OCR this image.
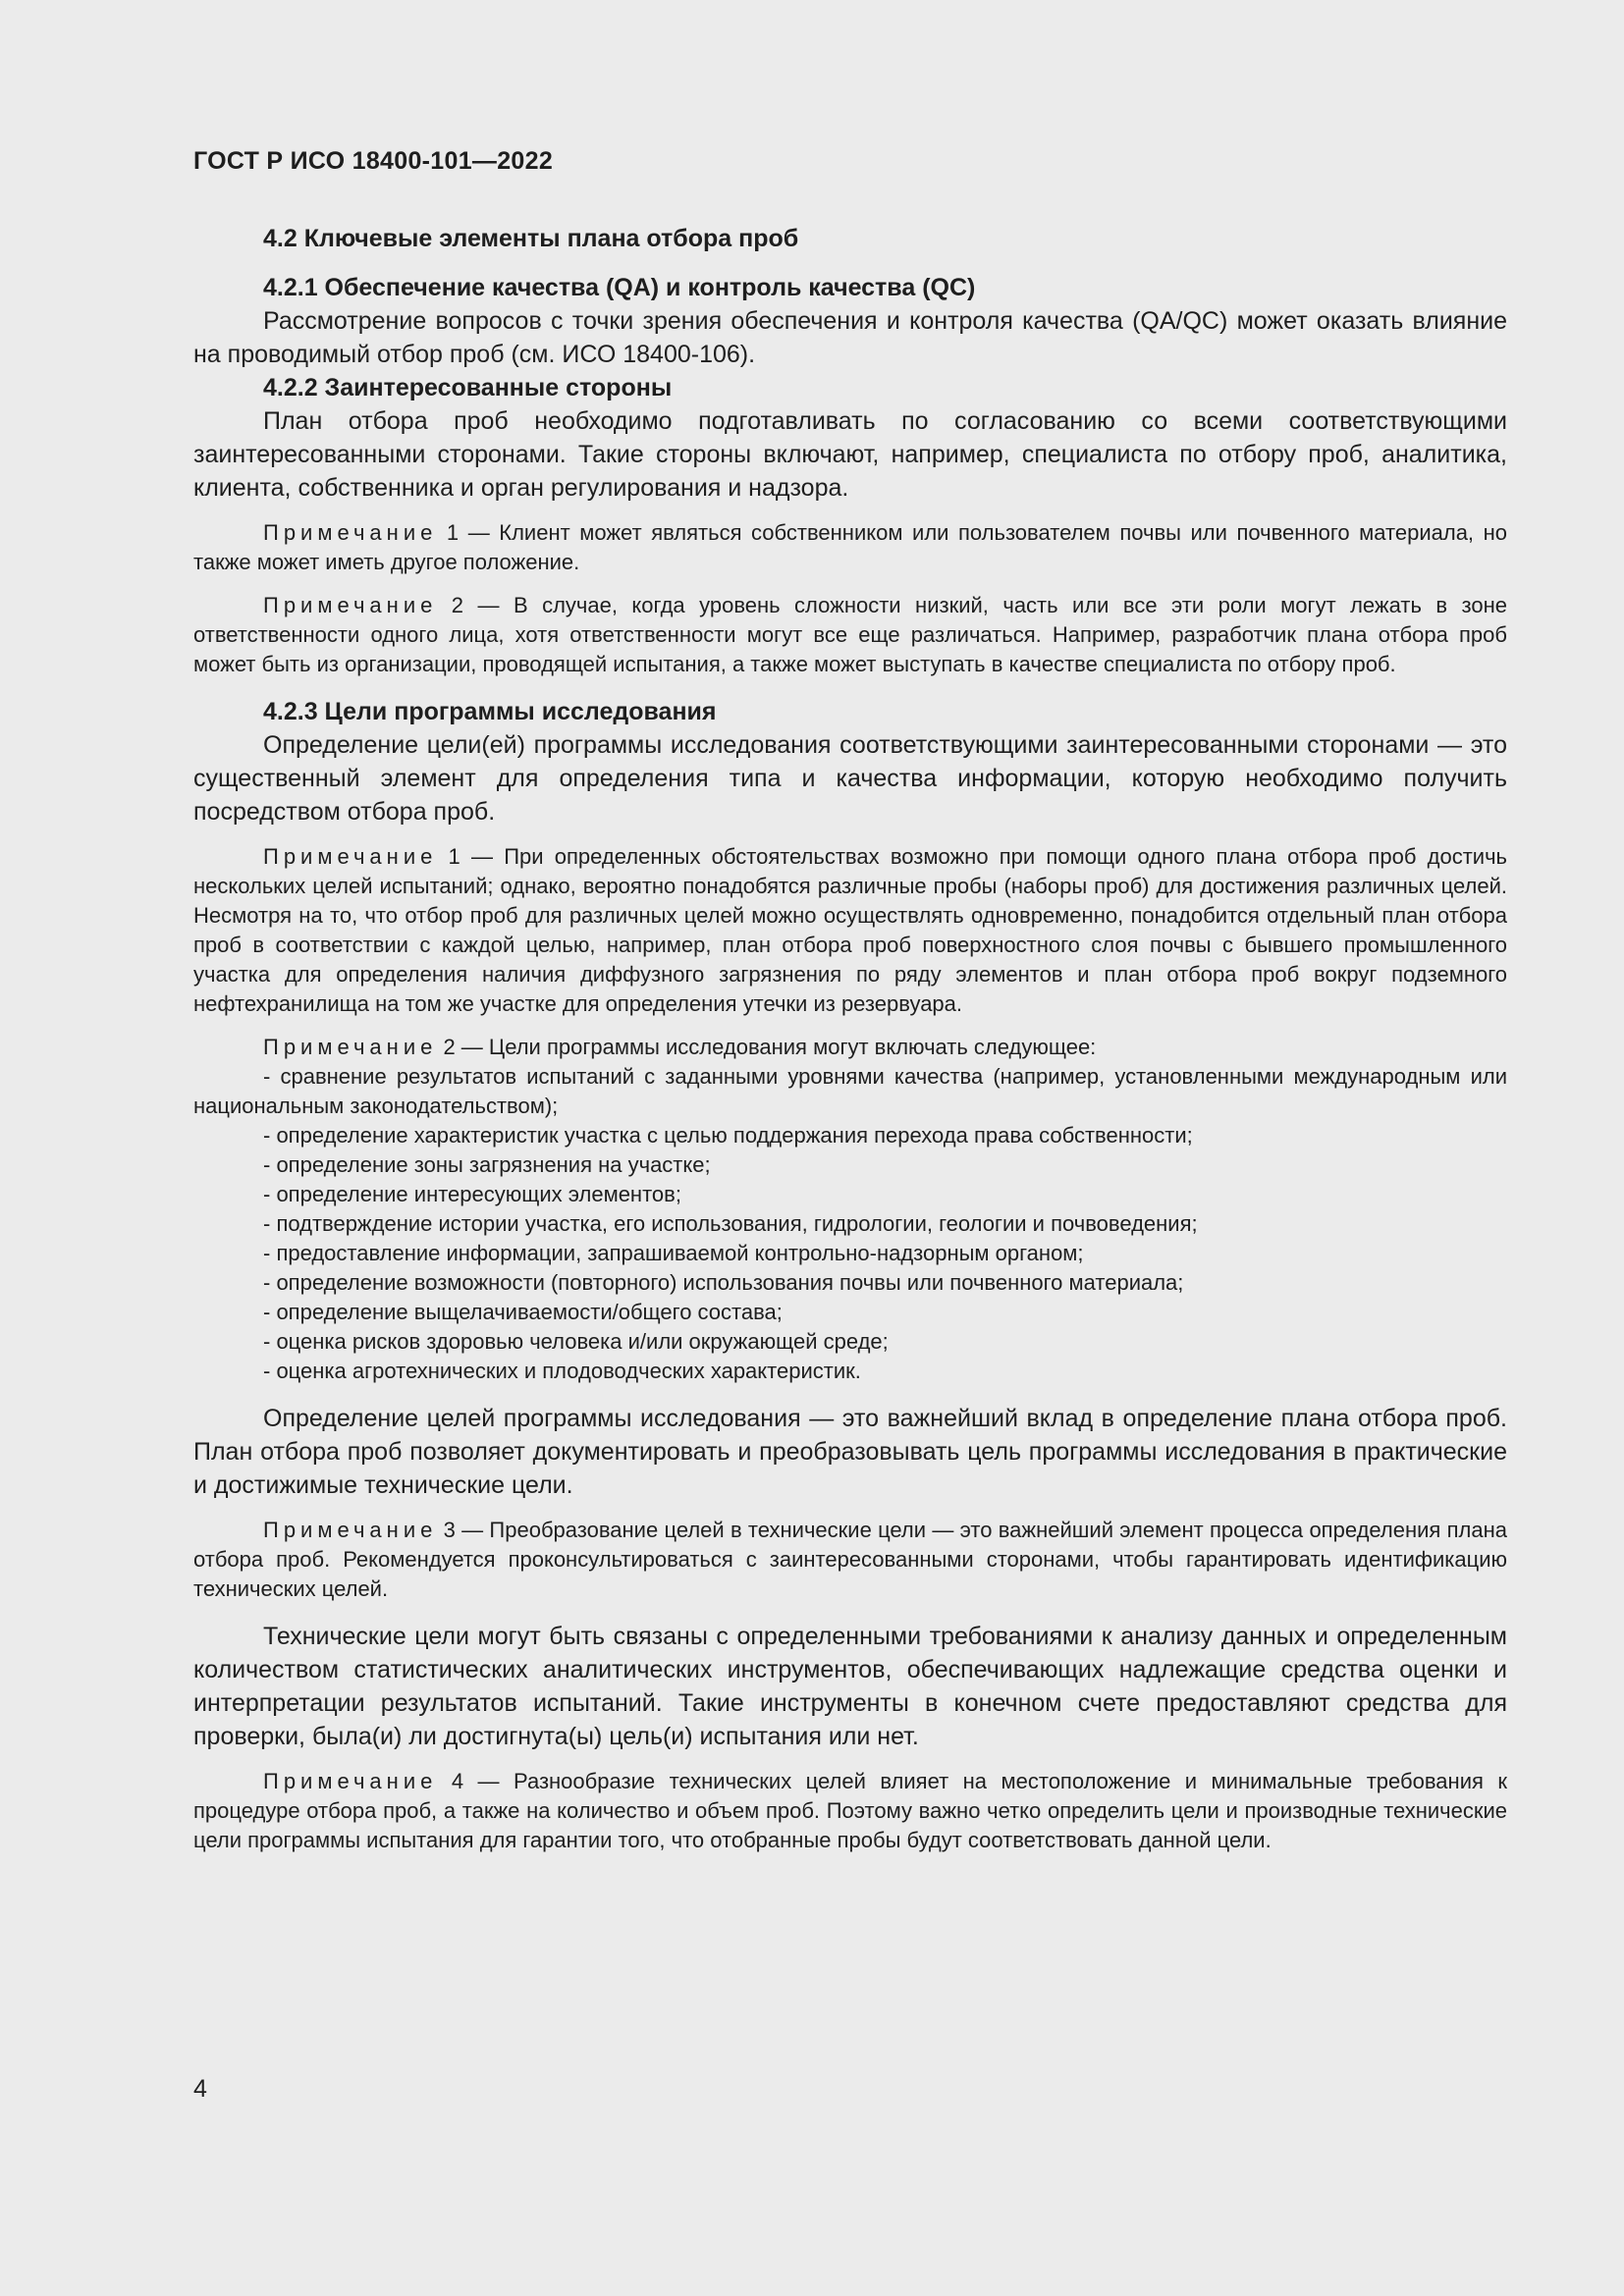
ГОСТ Р ИСО 18400-101—2022

4.2 Ключевые элементы плана отбора проб

4.2.1 Обеспечение качества (QA) и контроль качества (QC)

Рассмотрение вопросов с точки зрения обеспечения и контроля качества (QA/QC) может оказать влияние на проводимый отбор проб (см. ИСО 18400-106).

4.2.2 Заинтересованные стороны

План отбора проб необходимо подготавливать по согласованию со всеми соответствующими заинтересованными сторонами. Такие стороны включают, например, специалиста по отбору проб, аналитика, клиента, собственника и орган регулирования и надзора.

Примечание 1 — Клиент может являться собственником или пользователем почвы или почвенного материала, но также может иметь другое положение.

Примечание 2 — В случае, когда уровень сложности низкий, часть или все эти роли могут лежать в зоне ответственности одного лица, хотя ответственности могут все еще различаться. Например, разработчик плана отбора проб может быть из организации, проводящей испытания, а также может выступать в качестве специалиста по отбору проб.

4.2.3 Цели программы исследования

Определение цели(ей) программы исследования соответствующими заинтересованными сторонами — это существенный элемент для определения типа и качества информации, которую необходимо получить посредством отбора проб.

Примечание 1 — При определенных обстоятельствах возможно при помощи одного плана отбора проб достичь нескольких целей испытаний; однако, вероятно понадобятся различные пробы (наборы проб) для достижения различных целей. Несмотря на то, что отбор проб для различных целей можно осуществлять одновременно, понадобится отдельный план отбора проб в соответствии с каждой целью, например, план отбора проб поверхностного слоя почвы с бывшего промышленного участка для определения наличия диффузного загрязнения по ряду элементов и план отбора проб вокруг подземного нефтехранилища на том же участке для определения утечки из резервуара.

Примечание 2 — Цели программы исследования могут включать следующее:

- сравнение результатов испытаний с заданными уровнями качества (например, установленными международным или национальным законодательством);

- определение характеристик участка с целью поддержания перехода права собственности;

- определение зоны загрязнения на участке;

- определение интересующих элементов;

- подтверждение истории участка, его использования, гидрологии, геологии и почвоведения;

- предоставление информации, запрашиваемой контрольно-надзорным органом;

- определение возможности (повторного) использования почвы или почвенного материала;

- определение выщелачиваемости/общего состава;

- оценка рисков здоровью человека и/или окружающей среде;

- оценка агротехнических и плодоводческих характеристик.

Определение целей программы исследования — это важнейший вклад в определение плана отбора проб. План отбора проб позволяет документировать и преобразовывать цель программы исследования в практические и достижимые технические цели.

Примечание 3 — Преобразование целей в технические цели — это важнейший элемент процесса определения плана отбора проб. Рекомендуется проконсультироваться с заинтересованными сторонами, чтобы гарантировать идентификацию технических целей.

Технические цели могут быть связаны с определенными требованиями к анализу данных и определенным количеством статистических аналитических инструментов, обеспечивающих надлежащие средства оценки и интерпретации результатов испытаний. Такие инструменты в конечном счете предоставляют средства для проверки, была(и) ли достигнута(ы) цель(и) испытания или нет.

Примечание 4 — Разнообразие технических целей влияет на местоположение и минимальные требования к процедуре отбора проб, а также на количество и объем проб. Поэтому важно четко определить цели и производные технические цели программы испытания для гарантии того, что отобранные пробы будут соответствовать данной цели.

4
